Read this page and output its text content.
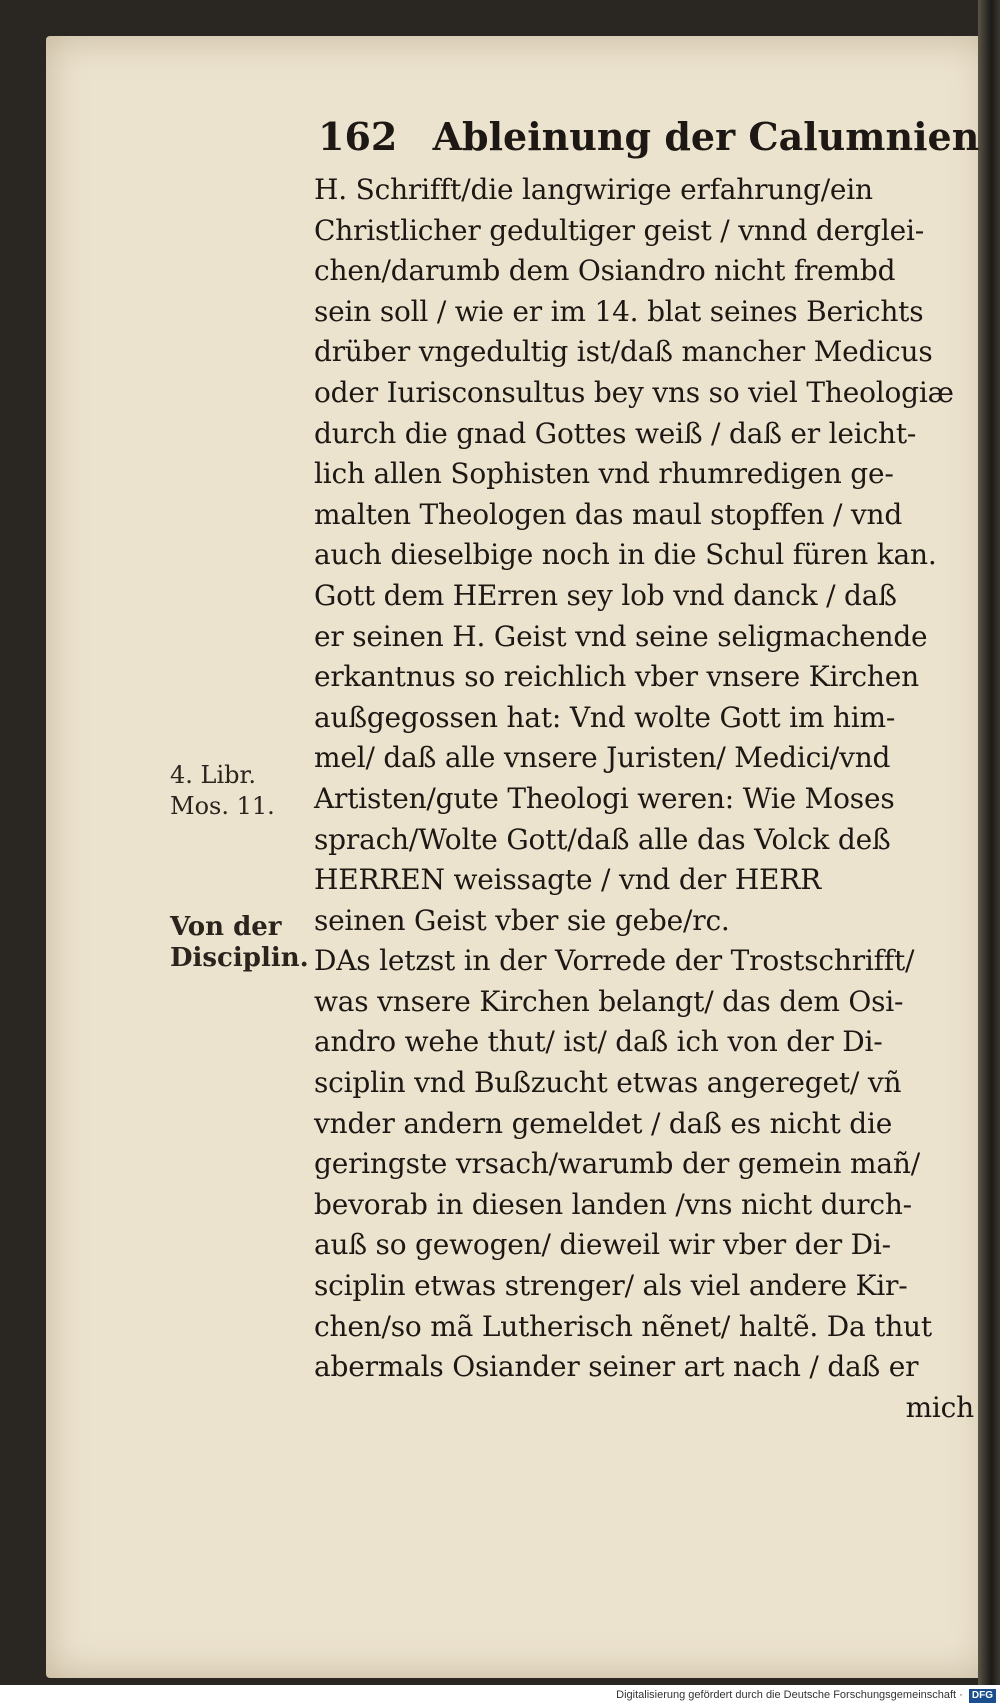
162 Ableinung der Calumnien
H. Schrifft/die langwirige erfahrung/ein
Christlicher gedultiger geist / vnnd derglei-
chen/darumb dem Osiandro nicht frembd
sein soll / wie er im 14. blat seines Berichts
drüber vngedultig ist/daß mancher Medicus
oder Iurisconsultus bey vns so viel Theologiæ
durch die gnad Gottes weiß / daß er leicht-
lich allen Sophisten vnd rhumredigen ge-
malten Theologen das maul stopffen / vnd
auch dieselbige noch in die Schul füren kan.
Gott dem HErren sey lob vnd danck / daß
er seinen H. Geist vnd seine seligmachende
erkantnus so reichlich vber vnsere Kirchen
außgegossen hat: Vnd wolte Gott im him-
mel/ daß alle vnsere Juristen/ Medici/vnd
Artisten/gute Theologi weren: Wie Moses
sprach/Wolte Gott/daß alle das Volck deß
HERREN weissagte / vnd der HERR
seinen Geist vber sie gebe/rc.
DAs letzst in der Vorrede der Trostschrifft/
was vnsere Kirchen belangt/ das dem Osi-
andro wehe thut/ ist/ daß ich von der Di-
sciplin vnd Bußzucht etwas angereget/ vñ
vnder andern gemeldet / daß es nicht die
geringste vrsach/warumb der gemein mañ/
bevorab in diesen landen /vns nicht durch-
auß so gewogen/ dieweil wir vber der Di-
sciplin etwas strenger/ als viel andere Kir-
chen/so mã Lutherisch nẽnet/ haltẽ. Da thut
abermals Osiander seiner art nach / daß er
mich
4. Libr.
Mos. 11.
Von der
Disciplin.
Digitalisierung gefördert durch die Deutsche Forschungsgemeinschaft · DFG
